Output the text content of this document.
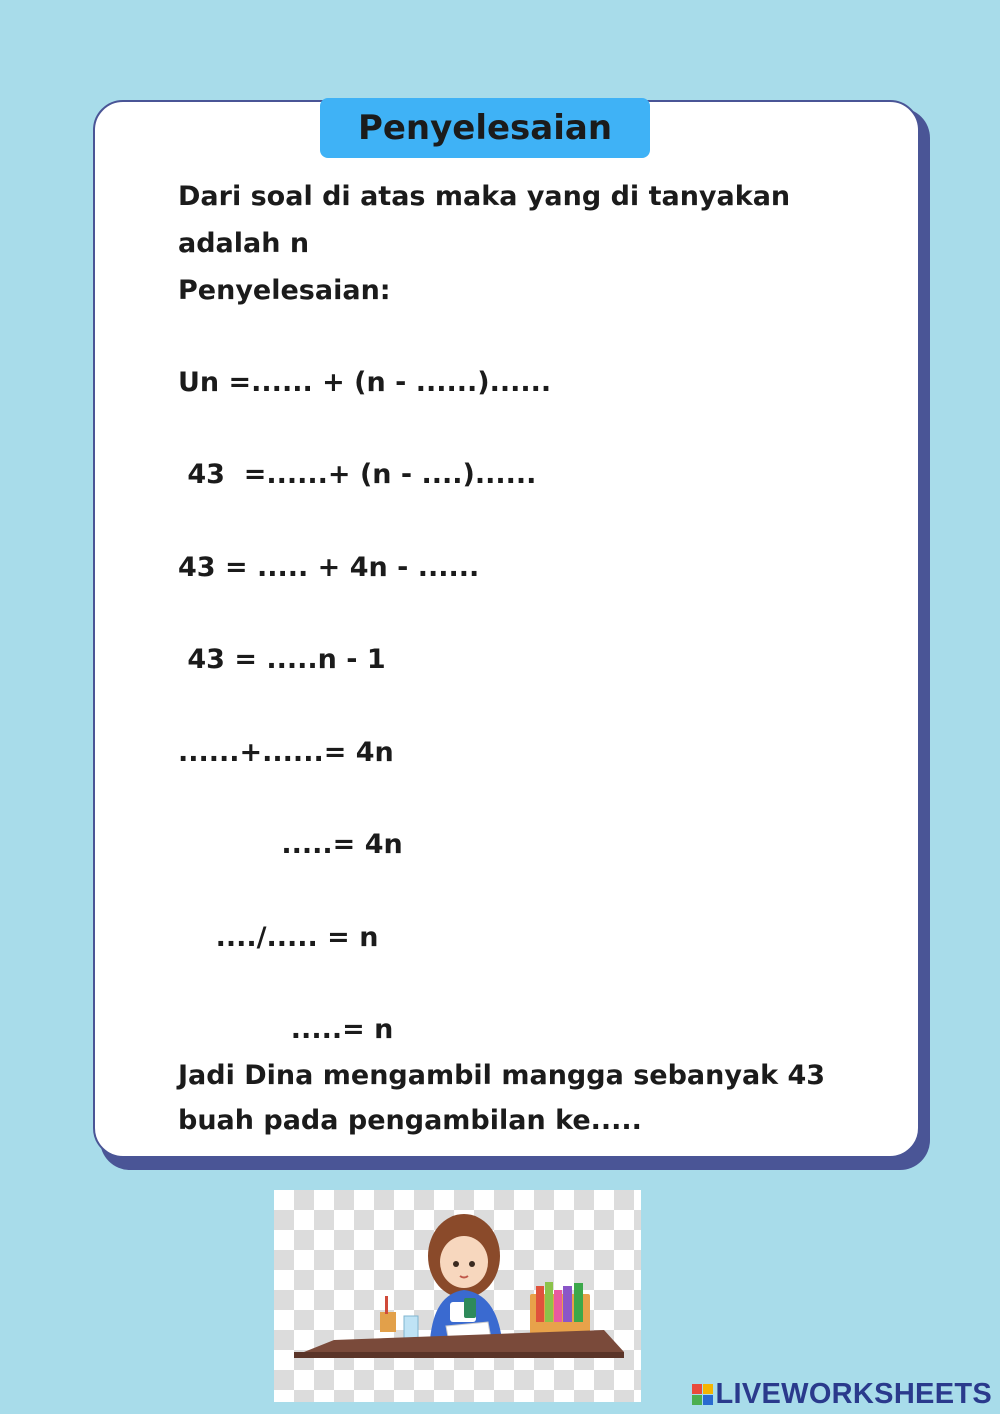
Penyelesaian
Dari soal di atas maka yang di tanyakan
adalah n
Penyelesaian:
Un =...... + (n - ......)......
43  =......+ (n - ....)......
43 = ..... + 4n - ......
43 = .....n - 1
......+......= 4n
.....= 4n
..../..... = n
.....= n
Jadi Dina mengambil mangga sebanyak 43
buah pada pengambilan ke.....
LIVEWORKSHEETS
